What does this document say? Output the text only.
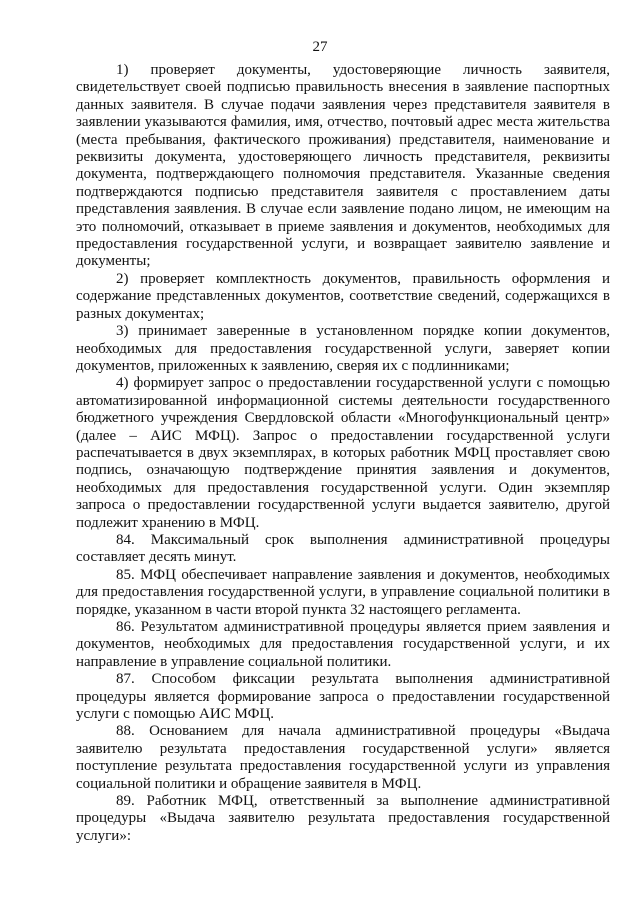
27

1) проверяет документы, удостоверяющие личность заявителя, свидетельствует своей подписью правильность внесения в заявление паспортных данных заявителя. В случае подачи заявления через представителя заявителя в заявлении указываются фамилия, имя, отчество, почтовый адрес места жительства (места пребывания, фактического проживания) представителя, наименование и реквизиты документа, удостоверяющего личность представителя, реквизиты документа, подтверждающего полномочия представителя. Указанные сведения подтверждаются подписью представителя заявителя с проставлением даты представления заявления. В случае если заявление подано лицом, не имеющим на это полномочий, отказывает в приеме заявления и документов, необходимых для предоставления государственной услуги, и возвращает заявителю заявление и документы;

2) проверяет комплектность документов, правильность оформления и содержание представленных документов, соответствие сведений, содержащихся в разных документах;

3) принимает заверенные в установленном порядке копии документов, необходимых для предоставления государственной услуги, заверяет копии документов, приложенных к заявлению, сверяя их с подлинниками;

4) формирует запрос о предоставлении государственной услуги с помощью автоматизированной информационной системы деятельности государственного бюджетного учреждения Свердловской области «Многофункциональный центр» (далее – АИС МФЦ). Запрос о предоставлении государственной услуги распечатывается в двух экземплярах, в которых работник МФЦ проставляет свою подпись, означающую подтверждение принятия заявления и документов, необходимых для предоставления государственной услуги. Один экземпляр запроса о предоставлении государственной услуги выдается заявителю, другой подлежит хранению в МФЦ.

84. Максимальный срок выполнения административной процедуры составляет десять минут.

85. МФЦ обеспечивает направление заявления и документов, необходимых для предоставления государственной услуги, в управление социальной политики в порядке, указанном в части второй пункта 32 настоящего регламента.

86. Результатом административной процедуры является прием заявления и документов, необходимых для предоставления государственной услуги, и их направление в управление социальной политики.

87. Способом фиксации результата выполнения административной процедуры является формирование запроса о предоставлении государственной услуги с помощью АИС МФЦ.

88. Основанием для начала административной процедуры «Выдача заявителю результата предоставления государственной услуги» является поступление результата предоставления государственной услуги из управления социальной политики и обращение заявителя в МФЦ.

89. Работник МФЦ, ответственный за выполнение административной процедуры «Выдача заявителю результата предоставления государственной услуги»:
